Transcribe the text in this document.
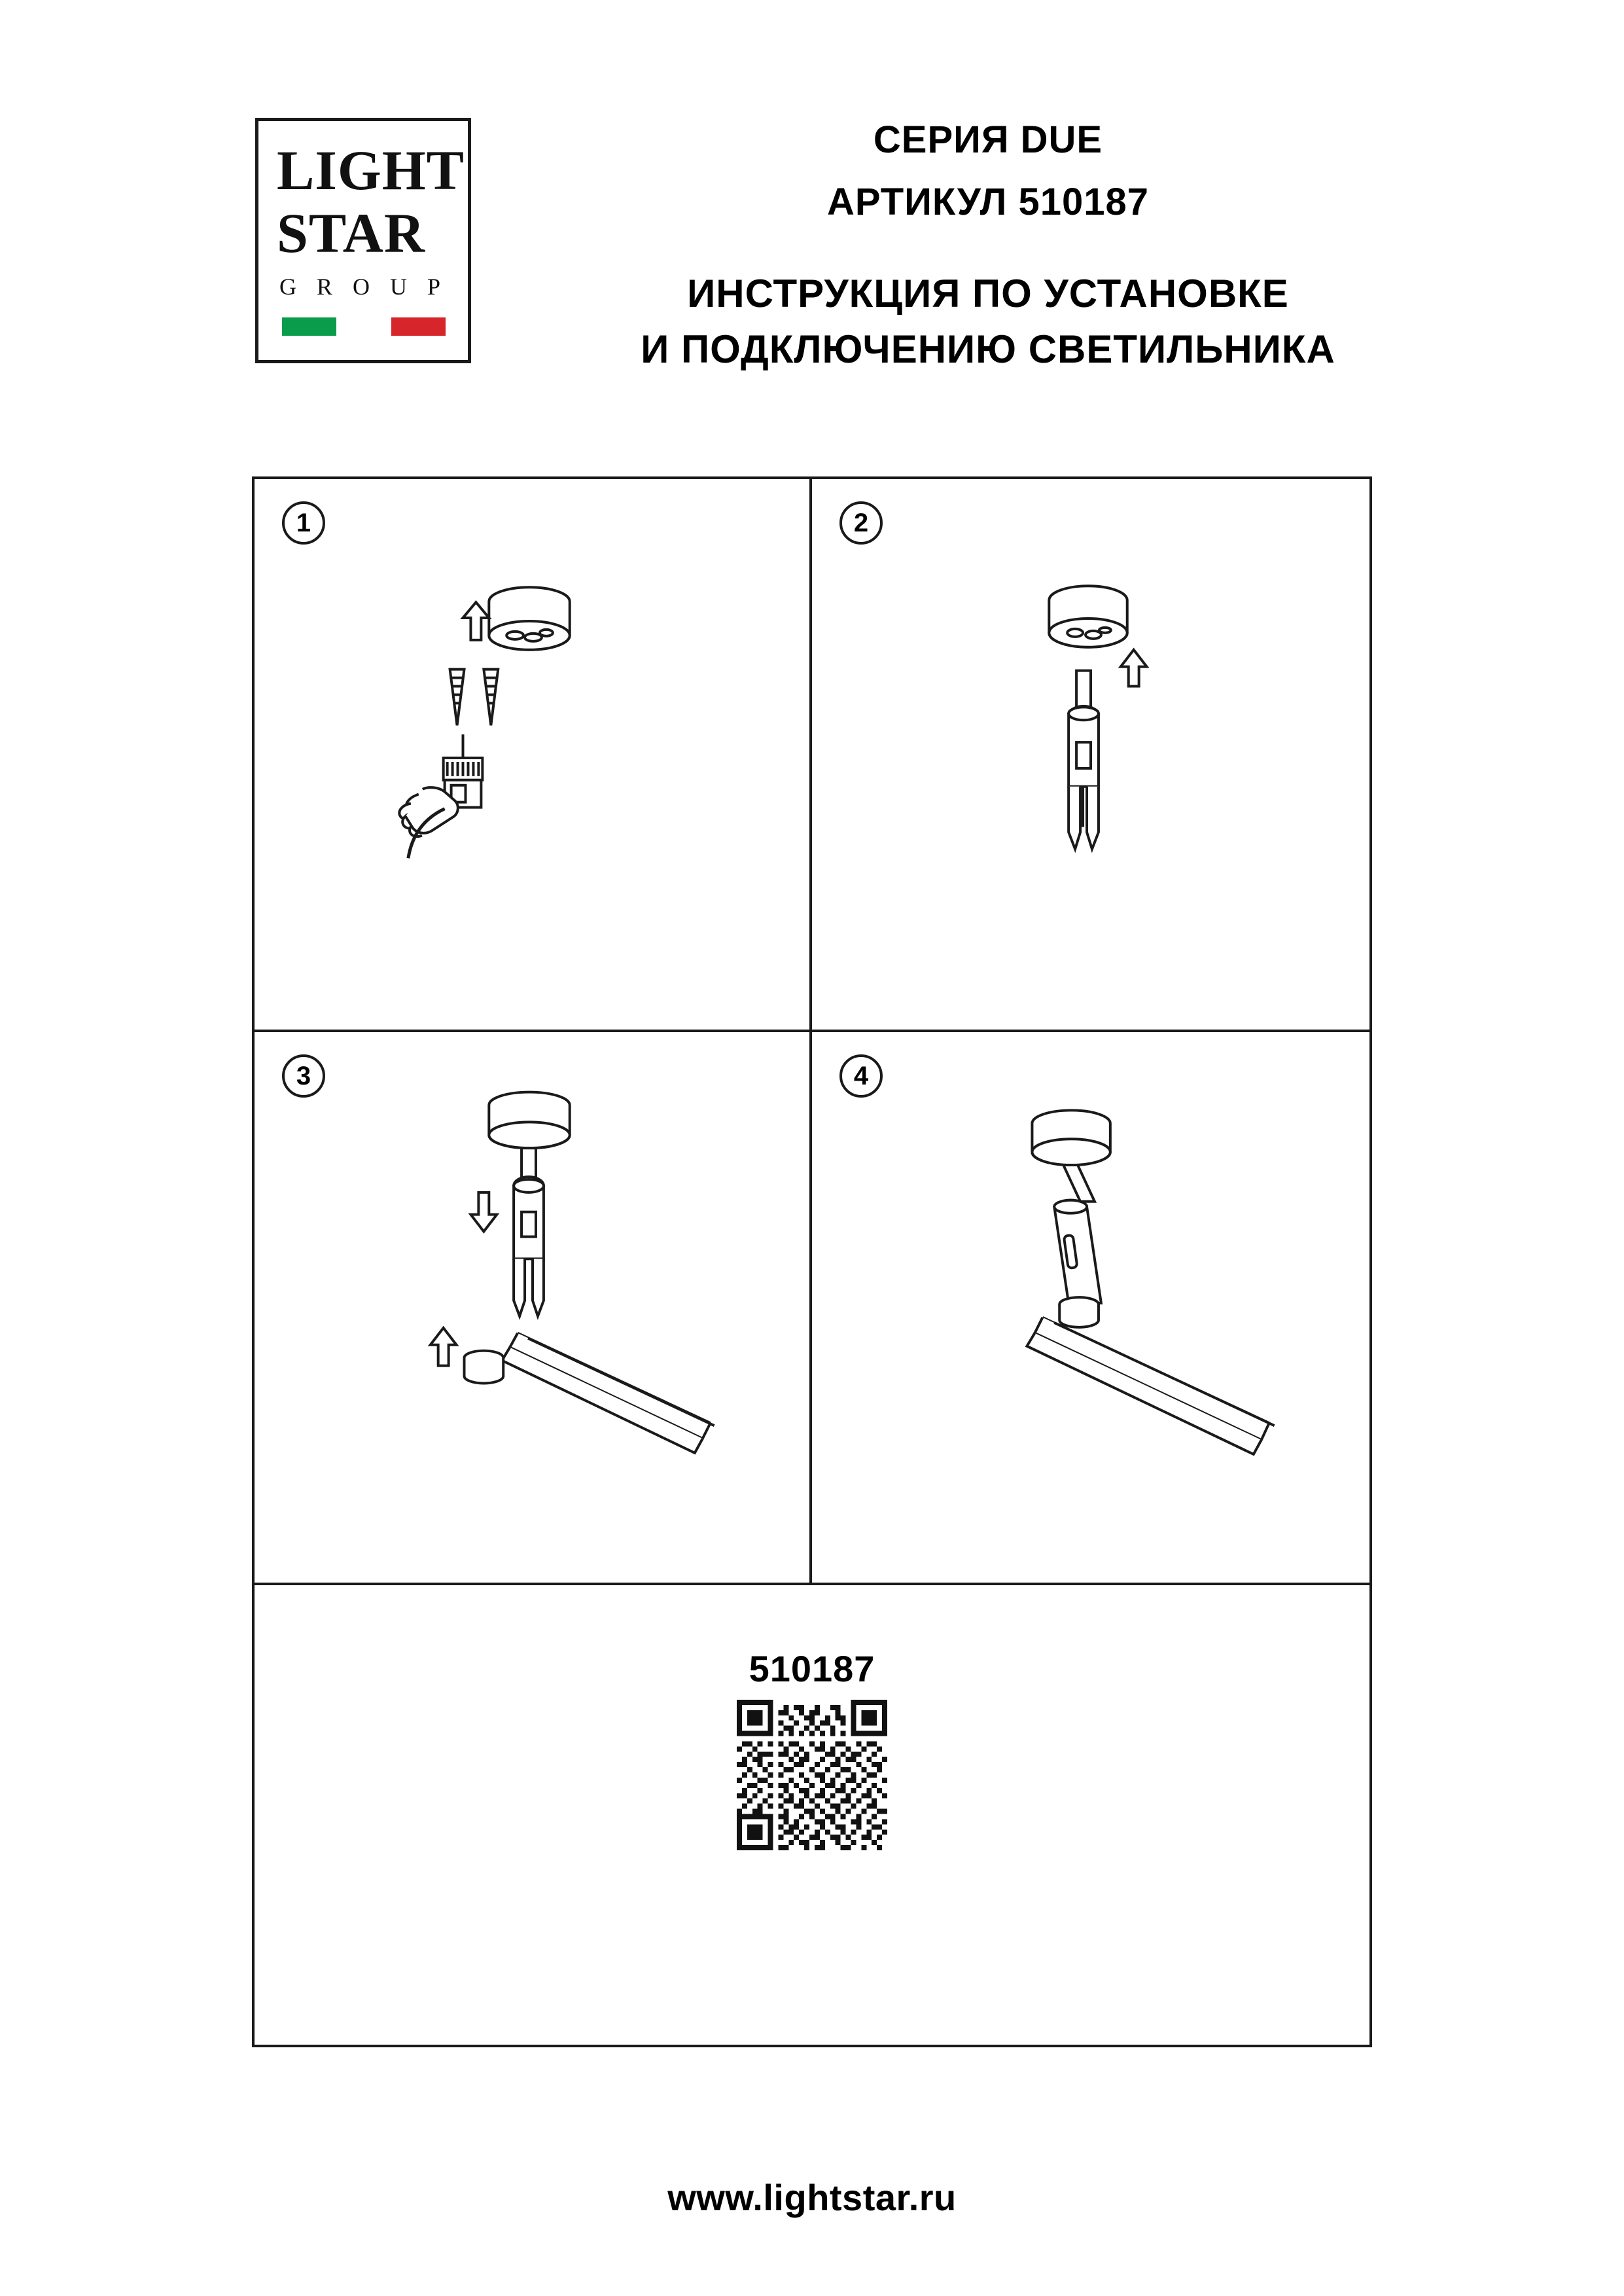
LIGHT
STAR
G R O U P
СЕРИЯ DUE
АРТИКУЛ 510187
ИНСТРУКЦИЯ ПО УСТАНОВКЕ
И ПОДКЛЮЧЕНИЮ СВЕТИЛЬНИКА
1	2
3	4
510187
www.lightstar.ru
